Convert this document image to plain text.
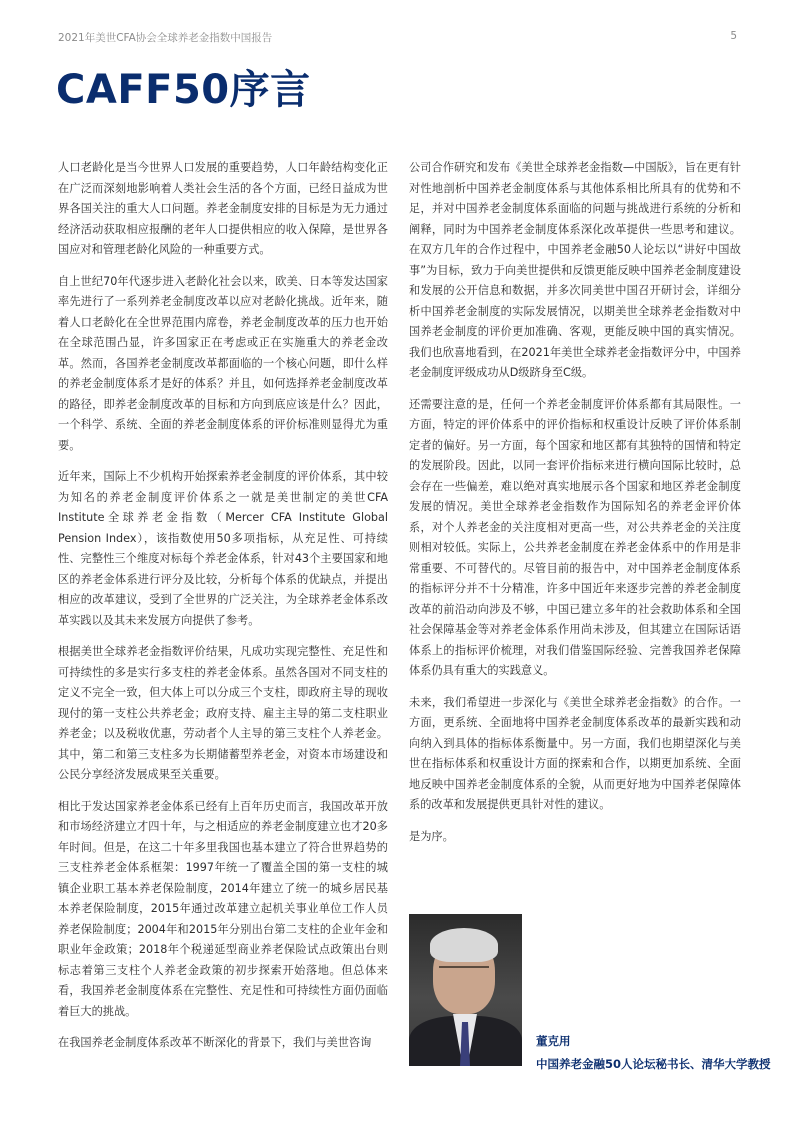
2021年美世CFA协会全球养老金指数中国报告	5
CAFF50序言

人口老龄化是当今世界人口发展的重要趋势，人口年龄结构变化正在广泛而深刻地影响着人类社会生活的各个方面，已经日益成为世界各国关注的重大人口问题。养老金制度安排的目标是为无力通过经济活动获取相应报酬的老年人口提供相应的收入保障，是世界各国应对和管理老龄化风险的一种重要方式。

自上世纪70年代逐步进入老龄化社会以来，欧美、日本等发达国家率先进行了一系列养老金制度改革以应对老龄化挑战。近年来，随着人口老龄化在全世界范围内席卷，养老金制度改革的压力也开始在全球范围凸显，许多国家正在考虑或正在实施重大的养老金改革。然而，各国养老金制度改革都面临的一个核心问题，即什么样的养老金制度体系才是好的体系？并且，如何选择养老金制度改革的路径，即养老金制度改革的目标和方向到底应该是什么？因此，一个科学、系统、全面的养老金制度体系的评价标准则显得尤为重要。

近年来，国际上不少机构开始探索养老金制度的评价体系，其中较为知名的养老金制度评价体系之一就是美世制定的美世CFA Institute全球养老金指数（Mercer CFA Institute Global Pension Index），该指数使用50多项指标，从充足性、可持续性、完整性三个维度对标每个养老金体系，针对43个主要国家和地区的养老金体系进行评分及比较，分析每个体系的优缺点，并提出相应的改革建议，受到了全世界的广泛关注，为全球养老金体系改革实践以及其未来发展方向提供了参考。

根据美世全球养老金指数评价结果，凡成功实现完整性、充足性和可持续性的多是实行多支柱的养老金体系。虽然各国对不同支柱的定义不完全一致，但大体上可以分成三个支柱，即政府主导的现收现付的第一支柱公共养老金；政府支持、雇主主导的第二支柱职业养老金；以及税收优惠，劳动者个人主导的第三支柱个人养老金。其中，第二和第三支柱多为长期储蓄型养老金，对资本市场建设和公民分享经济发展成果至关重要。

相比于发达国家养老金体系已经有上百年历史而言，我国改革开放和市场经济建立才四十年，与之相适应的养老金制度建立也才20多年时间。但是，在这二十年多里我国也基本建立了符合世界趋势的三支柱养老金体系框架：1997年统一了覆盖全国的第一支柱的城镇企业职工基本养老保险制度，2014年建立了统一的城乡居民基本养老保险制度，2015年通过改革建立起机关事业单位工作人员养老保险制度；2004年和2015年分别出台第二支柱的企业年金和职业年金政策；2018年个税递延型商业养老保险试点政策出台则标志着第三支柱个人养老金政策的初步探索开始落地。但总体来看，我国养老金制度体系在完整性、充足性和可持续性方面仍面临着巨大的挑战。

在我国养老金制度体系改革不断深化的背景下，我们与美世咨询

公司合作研究和发布《美世全球养老金指数—中国版》，旨在更有针对性地剖析中国养老金制度体系与其他体系相比所具有的优势和不足，并对中国养老金制度体系面临的问题与挑战进行系统的分析和阐释，同时为中国养老金制度体系深化改革提供一些思考和建议。在双方几年的合作过程中，中国养老金融50人论坛以“讲好中国故事”为目标，致力于向美世提供和反馈更能反映中国养老金制度建设和发展的公开信息和数据，并多次同美世中国召开研讨会，详细分析中国养老金制度的实际发展情况，以期美世全球养老金指数对中国养老金制度的评价更加准确、客观，更能反映中国的真实情况。我们也欣喜地看到，在2021年美世全球养老金指数评分中，中国养老金制度评级成功从D级跻身至C级。

还需要注意的是，任何一个养老金制度评价体系都有其局限性。一方面，特定的评价体系中的评价指标和权重设计反映了评价体系制定者的偏好。另一方面，每个国家和地区都有其独特的国情和特定的发展阶段。因此，以同一套评价指标来进行横向国际比较时，总会存在一些偏差，难以绝对真实地展示各个国家和地区养老金制度发展的情况。美世全球养老金指数作为国际知名的养老金评价体系，对个人养老金的关注度相对更高一些，对公共养老金的关注度则相对较低。实际上，公共养老金制度在养老金体系中的作用是非常重要、不可替代的。尽管目前的报告中，对中国养老金制度体系的指标评分并不十分精准，许多中国近年来逐步完善的养老金制度改革的前沿动向涉及不够，中国已建立多年的社会救助体系和全国社会保障基金等对养老金体系作用尚未涉及，但其建立在国际话语体系上的指标评价梳理，对我们借鉴国际经验、完善我国养老保障体系仍具有重大的实践意义。

未来，我们希望进一步深化与《美世全球养老金指数》的合作。一方面，更系统、全面地将中国养老金制度体系改革的最新实践和动向纳入到具体的指标体系衡量中。另一方面，我们也期望深化与美世在指标体系和权重设计方面的探索和合作，以期更加系统、全面地反映中国养老金制度体系的全貌，从而更好地为中国养老保障体系的改革和发展提供更具针对性的建议。

是为序。

董克用
中国养老金融50人论坛秘书长、清华大学教授
